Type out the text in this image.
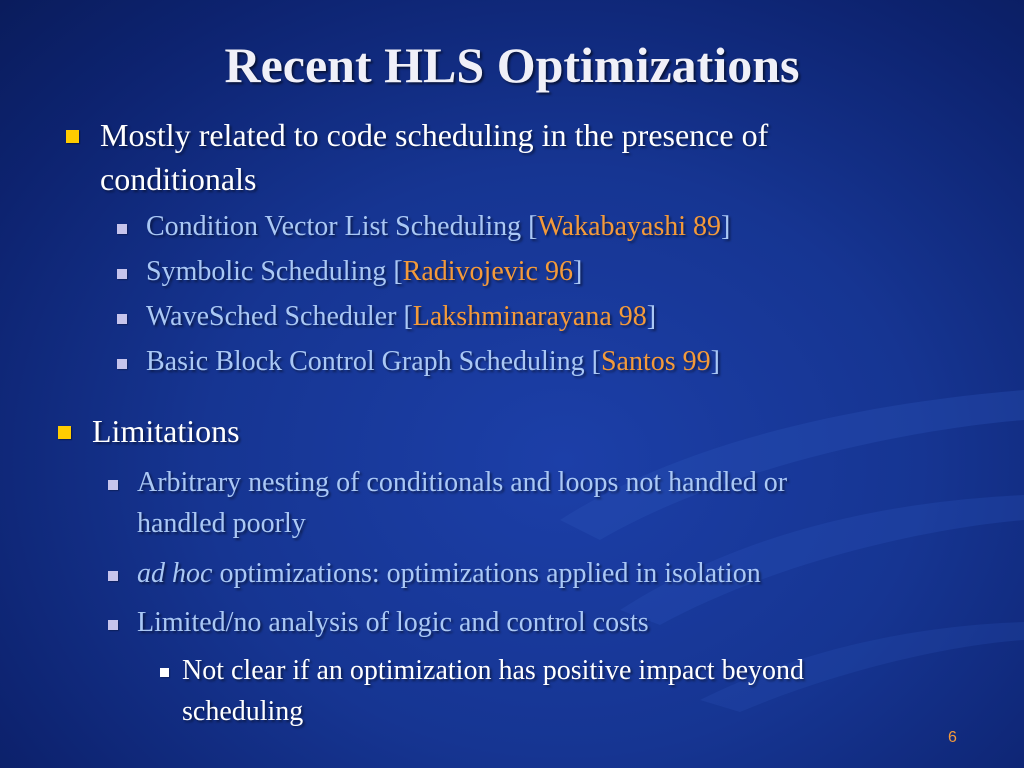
Recent HLS Optimizations
Mostly related to code scheduling in the presence of
conditionals
Condition Vector List Scheduling [Wakabayashi 89]
Symbolic Scheduling [Radivojevic 96]
WaveSched Scheduler [Lakshminarayana 98]
Basic Block Control Graph Scheduling [Santos 99]
Limitations
Arbitrary nesting of conditionals and loops not handled or
handled poorly
ad hoc optimizations: optimizations applied in isolation
Limited/no analysis of logic and control costs
Not clear if an optimization has positive impact beyond
scheduling
6
